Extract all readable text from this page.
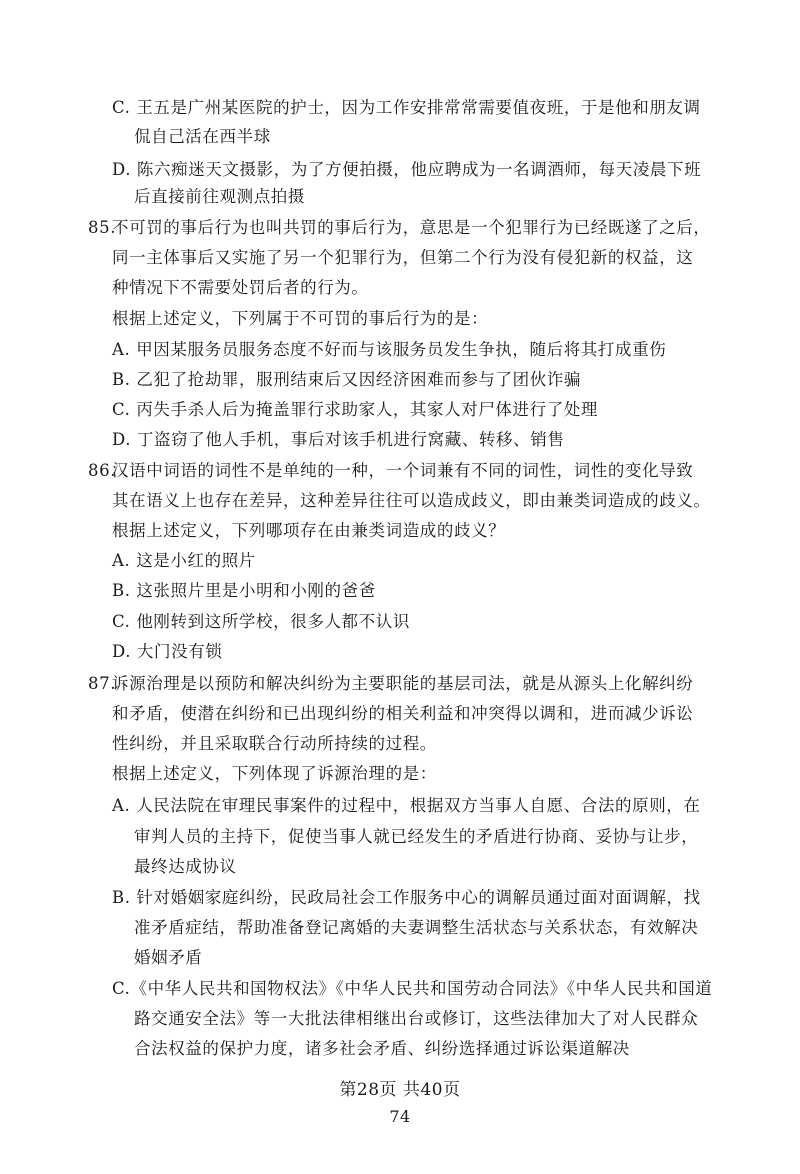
C. 王五是广州某医院的护士，因为工作安排常常需要值夜班，于是他和朋友调
侃自己活在西半球
D. 陈六痴迷天文摄影，为了方便拍摄，他应聘成为一名调酒师，每天凌晨下班
后直接前往观测点拍摄
85.
不可罚的事后行为也叫共罚的事后行为，意思是一个犯罪行为已经既遂了之后，
同一主体事后又实施了另一个犯罪行为，但第二个行为没有侵犯新的权益，这
种情况下不需要处罚后者的行为。
根据上述定义，下列属于不可罚的事后行为的是：
A. 甲因某服务员服务态度不好而与该服务员发生争执，随后将其打成重伤
B. 乙犯了抢劫罪，服刑结束后又因经济困难而参与了团伙诈骗
C. 丙失手杀人后为掩盖罪行求助家人，其家人对尸体进行了处理
D. 丁盗窃了他人手机，事后对该手机进行窝藏、转移、销售
86.
汉语中词语的词性不是单纯的一种，一个词兼有不同的词性，词性的变化导致
其在语义上也存在差异，这种差异往往可以造成歧义，即由兼类词造成的歧义。
根据上述定义，下列哪项存在由兼类词造成的歧义？
A. 这是小红的照片
B. 这张照片里是小明和小刚的爸爸
C. 他刚转到这所学校，很多人都不认识
D. 大门没有锁
87.
诉源治理是以预防和解决纠纷为主要职能的基层司法，就是从源头上化解纠纷
和矛盾，使潜在纠纷和已出现纠纷的相关利益和冲突得以调和，进而减少诉讼
性纠纷，并且采取联合行动所持续的过程。
根据上述定义，下列体现了诉源治理的是：
A. 人民法院在审理民事案件的过程中，根据双方当事人自愿、合法的原则，在
审判人员的主持下，促使当事人就已经发生的矛盾进行协商、妥协与让步，
最终达成协议
B. 针对婚姻家庭纠纷，民政局社会工作服务中心的调解员通过面对面调解，找
准矛盾症结，帮助准备登记离婚的夫妻调整生活状态与关系状态，有效解决
婚姻矛盾
C.《中华人民共和国物权法》《中华人民共和国劳动合同法》《中华人民共和国道
路交通安全法》等一大批法律相继出台或修订，这些法律加大了对人民群众
合法权益的保护力度，诸多社会矛盾、纠纷选择通过诉讼渠道解决
第28页 共40页
74
